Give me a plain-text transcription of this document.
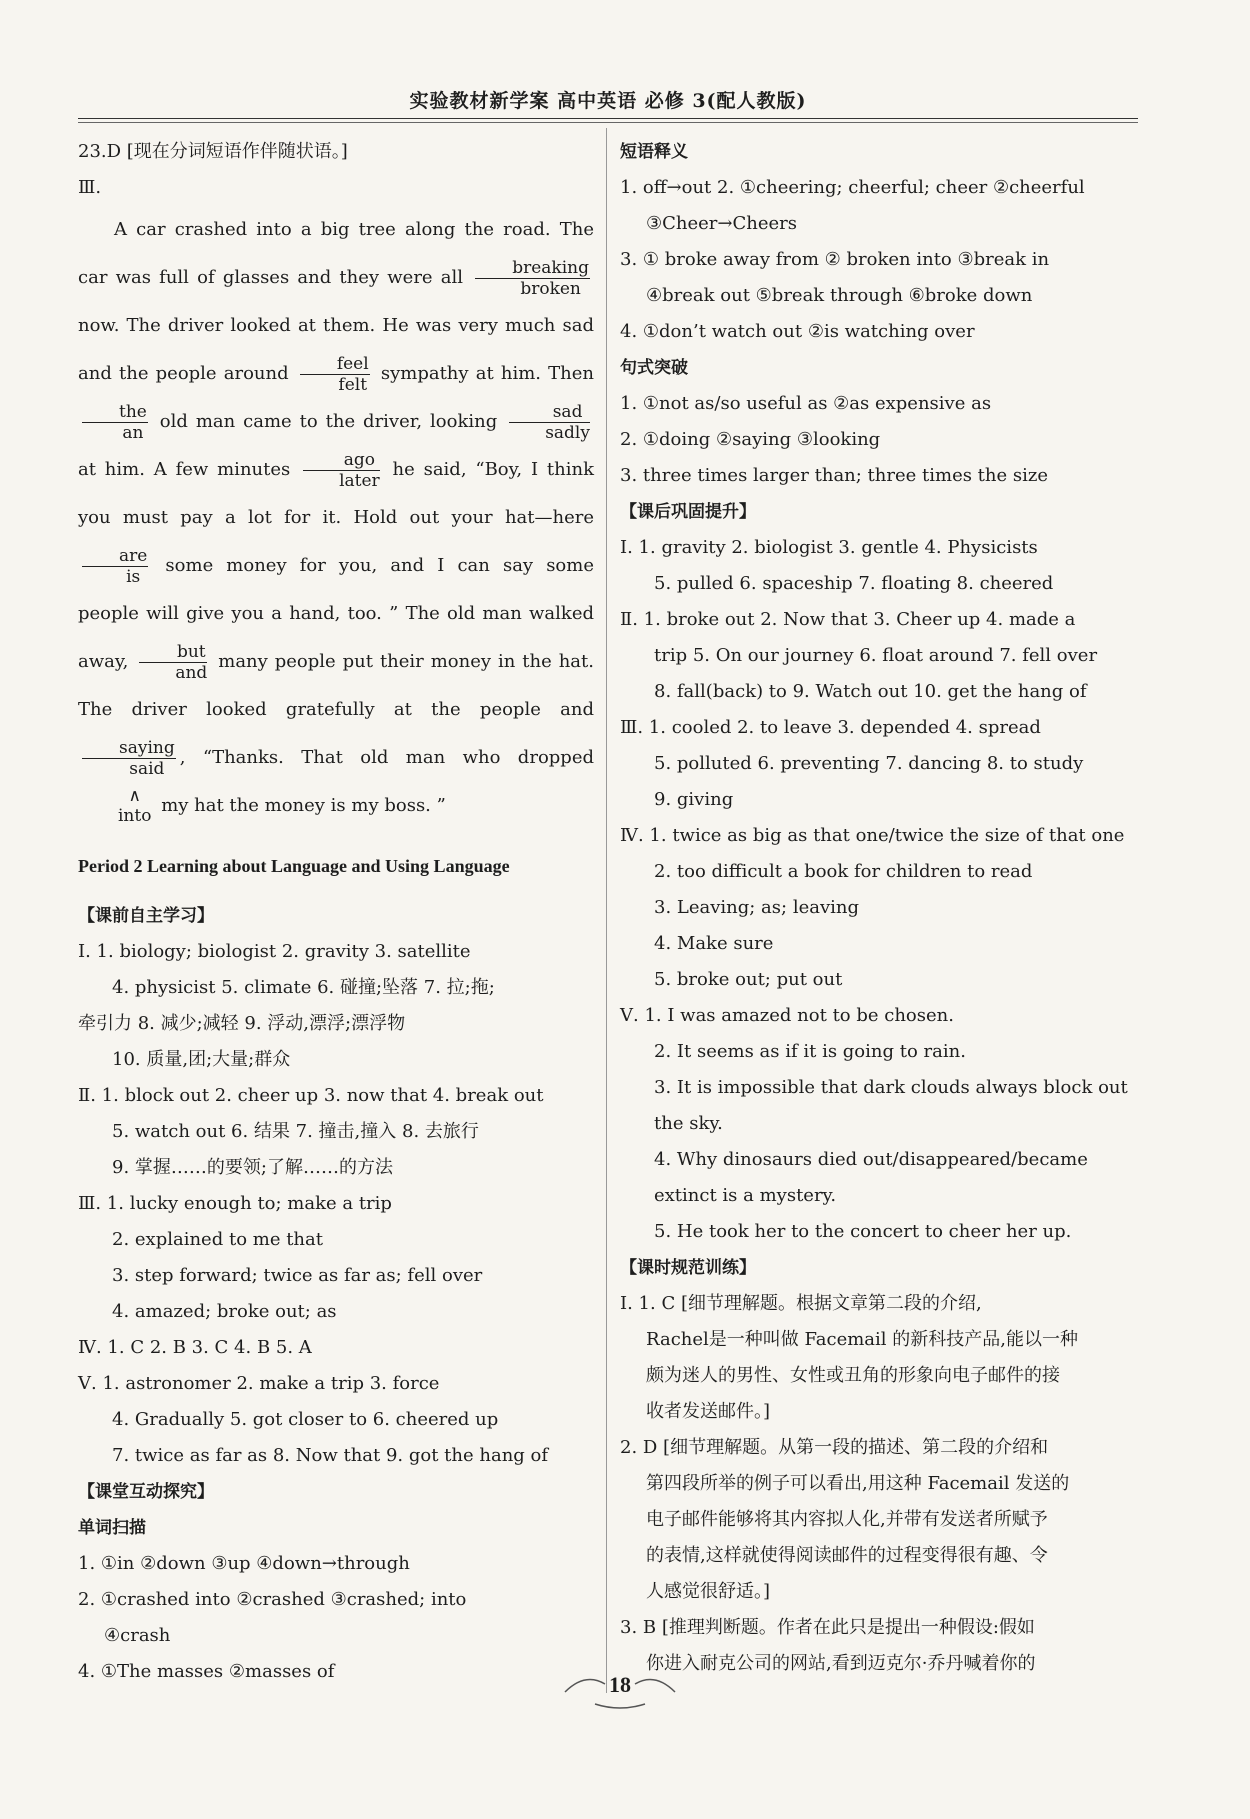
实验教材新学案 高中英语 必修 3(配人教版)
23.D [现在分词短语作伴随状语。]
Ⅲ.

A car crashed into a big tree along the road. The car was full of glasses and they were all	breaking
broken
now. The driver looked at them. He was very much sad and the people around	feel
felt
sympathy at him. Then
the
an
old man came to the driver, looking	sad
sadly
at him. A few minutes	ago
later
he said, “Boy, I think you must pay a lot for it. Hold out your hat—here
are
is
some money for you, and I can say some people will give you a hand, too. ” The old man walked away,	but
and
many people put their money in the hat. The driver looked gratefully at the people and
saying
said
, “Thanks. That old man who dropped
∧
into my hat the money is my boss. ”

Period 2 Learning about Language and Using Language
【课前自主学习】
Ⅰ. 1. biology; biologist 2. gravity 3. satellite
4. physicist 5. climate 6. 碰撞;坠落 7. 拉;拖;
牵引力 8. 减少;减轻 9. 浮动,漂浮;漂浮物
10. 质量,团;大量;群众
Ⅱ. 1. block out 2. cheer up 3. now that 4. break out
5. watch out 6. 结果 7. 撞击,撞入 8. 去旅行
9. 掌握……的要领;了解……的方法
Ⅲ. 1. lucky enough to; make a trip
2. explained to me that
3. step forward; twice as far as; fell over
4. amazed; broke out; as
Ⅳ. 1. C 2. B 3. C 4. B 5. A
Ⅴ. 1. astronomer 2. make a trip 3. force
4. Gradually 5. got closer to 6. cheered up
7. twice as far as 8. Now that 9. got the hang of
【课堂互动探究】
单词扫描
1. ①in ②down ③up ④down→through
2. ①crashed into ②crashed ③crashed; into
④crash
4. ①The masses ②masses of
短语释义
1. off→out 2. ①cheering; cheerful; cheer ②cheerful
③Cheer→Cheers
3. ① broke away from ② broken into ③break in
④break out ⑤break through ⑥broke down
4. ①don’t watch out ②is watching over
句式突破
1. ①not as/so useful as ②as expensive as
2. ①doing ②saying ③looking
3. three times larger than; three times the size
【课后巩固提升】
Ⅰ. 1. gravity 2. biologist 3. gentle 4. Physicists
5. pulled 6. spaceship 7. floating 8. cheered
Ⅱ. 1. broke out 2. Now that 3. Cheer up 4. made a
trip 5. On our journey 6. float around 7. fell over
8. fall(back) to 9. Watch out 10. get the hang of
Ⅲ. 1. cooled 2. to leave 3. depended 4. spread
5. polluted 6. preventing 7. dancing 8. to study
9. giving
Ⅳ. 1. twice as big as that one/twice the size of that one
2. too difficult a book for children to read
3. Leaving; as; leaving
4. Make sure
5. broke out; put out
Ⅴ. 1. I was amazed not to be chosen.
2. It seems as if it is going to rain.
3. It is impossible that dark clouds always block out
the sky.
4. Why dinosaurs died out/disappeared/became
extinct is a mystery.
5. He took her to the concert to cheer her up.
【课时规范训练】
Ⅰ. 1. C [细节理解题。根据文章第二段的介绍,
Rachel是一种叫做 Facemail 的新科技产品,能以一种
颇为迷人的男性、女性或丑角的形象向电子邮件的接
收者发送邮件。]
2. D [细节理解题。从第一段的描述、第二段的介绍和
第四段所举的例子可以看出,用这种 Facemail 发送的
电子邮件能够将其内容拟人化,并带有发送者所赋予
的表情,这样就使得阅读邮件的过程变得很有趣、令
人感觉很舒适。]
3. B [推理判断题。作者在此只是提出一种假设:假如
你进入耐克公司的网站,看到迈克尔·乔丹喊着你的
18
